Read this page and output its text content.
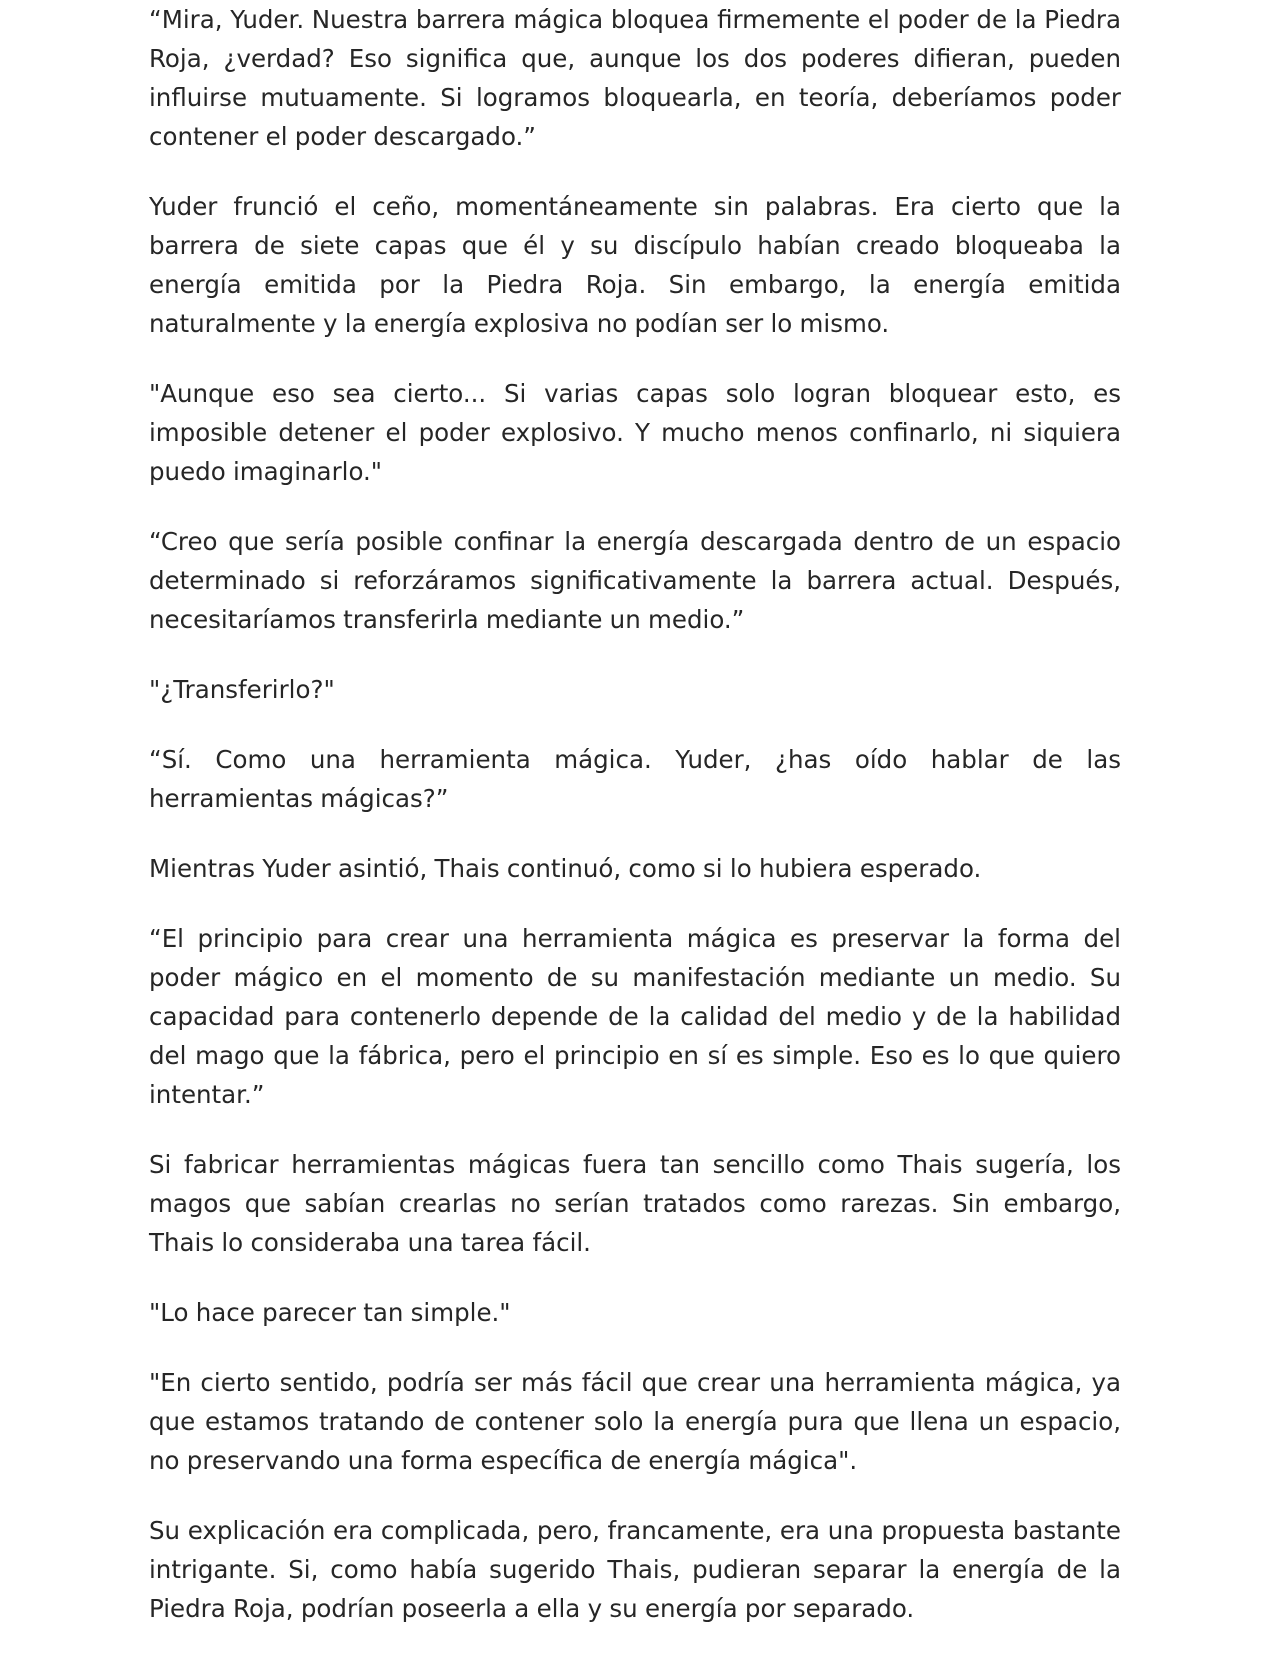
“Mira, Yuder. Nuestra barrera mágica bloquea firmemente el poder de la Piedra Roja, ¿verdad? Eso significa que, aunque los dos poderes difieran, pueden influirse mutuamente. Si logramos bloquearla, en teoría, deberíamos poder contener el poder descargado.”

Yuder frunció el ceño, momentáneamente sin palabras. Era cierto que la barrera de siete capas que él y su discípulo habían creado bloqueaba la energía emitida por la Piedra Roja. Sin embargo, la energía emitida naturalmente y la energía explosiva no podían ser lo mismo.

"Aunque eso sea cierto... Si varias capas solo logran bloquear esto, es imposible detener el poder explosivo. Y mucho menos confinarlo, ni siquiera puedo imaginarlo."

“Creo que sería posible confinar la energía descargada dentro de un espacio determinado si reforzáramos significativamente la barrera actual. Después, necesitaríamos transferirla mediante un medio.”

"¿Transferirlo?"

“Sí. Como una herramienta mágica. Yuder, ¿has oído hablar de las herramientas mágicas?”

Mientras Yuder asintió, Thais continuó, como si lo hubiera esperado.

“El principio para crear una herramienta mágica es preservar la forma del poder mágico en el momento de su manifestación mediante un medio. Su capacidad para contenerlo depende de la calidad del medio y de la habilidad del mago que la fábrica, pero el principio en sí es simple. Eso es lo que quiero intentar.”

Si fabricar herramientas mágicas fuera tan sencillo como Thais sugería, los magos que sabían crearlas no serían tratados como rarezas. Sin embargo, Thais lo consideraba una tarea fácil.

"Lo hace parecer tan simple."

"En cierto sentido, podría ser más fácil que crear una herramienta mágica, ya que estamos tratando de contener solo la energía pura que llena un espacio, no preservando una forma específica de energía mágica".

Su explicación era complicada, pero, francamente, era una propuesta bastante intrigante. Si, como había sugerido Thais, pudieran separar la energía de la Piedra Roja, podrían poseerla a ella y su energía por separado.
